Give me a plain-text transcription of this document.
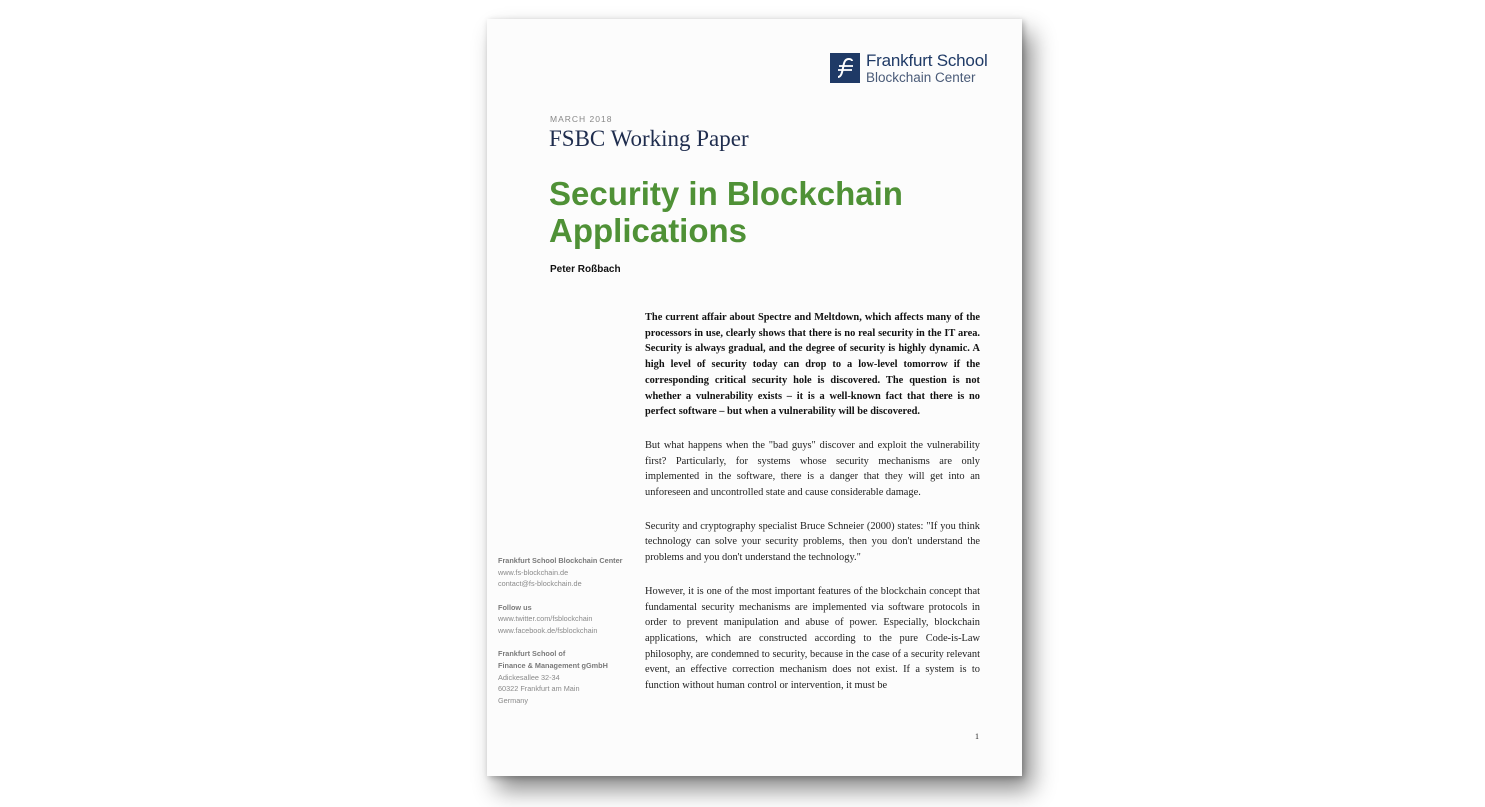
Frankfurt School
Blockchain Center
MARCH 2018
FSBC Working Paper
Security in Blockchain Applications
Peter Roßbach

The current affair about Spectre and Meltdown, which affects many of the processors in use, clearly shows that there is no real security in the IT area. Security is always gradual, and the degree of security is highly dynamic. A high level of security today can drop to a low-level tomorrow if the corresponding critical security hole is discovered. The question is not whether a vulnerability exists – it is a well-known fact that there is no perfect software – but when a vulnerability will be discovered.

But what happens when the "bad guys" discover and exploit the vulnerability first? Particularly, for systems whose security mechanisms are only implemented in the software, there is a danger that they will get into an unforeseen and uncontrolled state and cause considerable damage.

Security and cryptography specialist Bruce Schneier (2000) states: "If you think technology can solve your security problems, then you don't understand the problems and you don't understand the technology."

However, it is one of the most important features of the blockchain concept that fundamental security mechanisms are implemented via software protocols in order to prevent manipulation and abuse of power. Especially, blockchain applications, which are constructed according to the pure Code-is-Law philosophy, are condemned to security, because in the case of a security relevant event, an effective correction mechanism does not exist. If a system is to function without human control or intervention, it must be

Frankfurt School Blockchain Center
www.fs-blockchain.de
contact@fs-blockchain.de
Follow us
www.twitter.com/fsblockchain
www.facebook.de/fsblockchain
Frankfurt School of
Finance & Management gGmbH
Adickesallee 32-34
60322 Frankfurt am Main
Germany
1
